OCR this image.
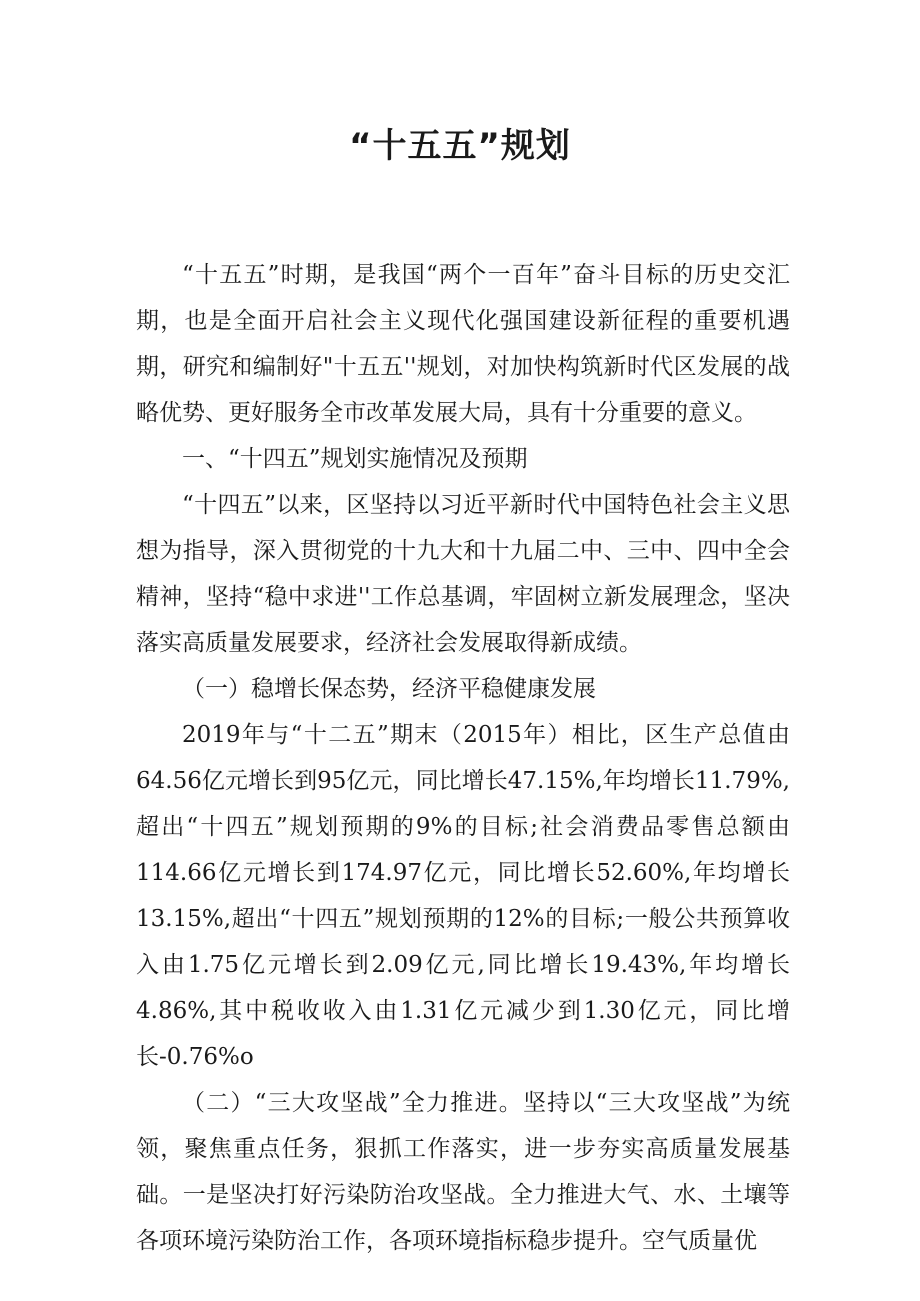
“十五五”规划

“十五五”时期，是我国“两个一百年”奋斗目标的历史交汇期，也是全面开启社会主义现代化强国建设新征程的重要机遇期，研究和编制好"十五五''规划，对加快构筑新时代区发展的战略优势、更好服务全市改革发展大局，具有十分重要的意义。

一、“十四五”规划实施情况及预期

“十四五”以来，区坚持以习近平新时代中国特色社会主义思想为指导，深入贯彻党的十九大和十九届二中、三中、四中全会精神，坚持“稳中求进''工作总基调，牢固树立新发展理念，坚决落实高质量发展要求，经济社会发展取得新成绩。

（一）稳增长保态势，经济平稳健康发展

2019年与“十二五”期末（2015年）相比，区生产总值由64.56亿元增长到95亿元，同比增长47.15%,年均增长11.79%,超出“十四五”规划预期的9%的目标;社会消费品零售总额由114.66亿元增长到174.97亿元，同比增长52.60%,年均增长13.15%,超出“十四五”规划预期的12%的目标;一般公共预算收入由1.75亿元增长到2.09亿元,同比增长19.43%,年均增长4.86%,其中税收收入由1.31亿元减少到1.30亿元，同比增长-0.76%o

（二）“三大攻坚战”全力推进。坚持以“三大攻坚战”为统领，聚焦重点任务，狠抓工作落实，进一步夯实高质量发展基础。一是坚决打好污染防治攻坚战。全力推进大气、水、土壤等各项环境污染防治工作，各项环境指标稳步提升。空气质量优
